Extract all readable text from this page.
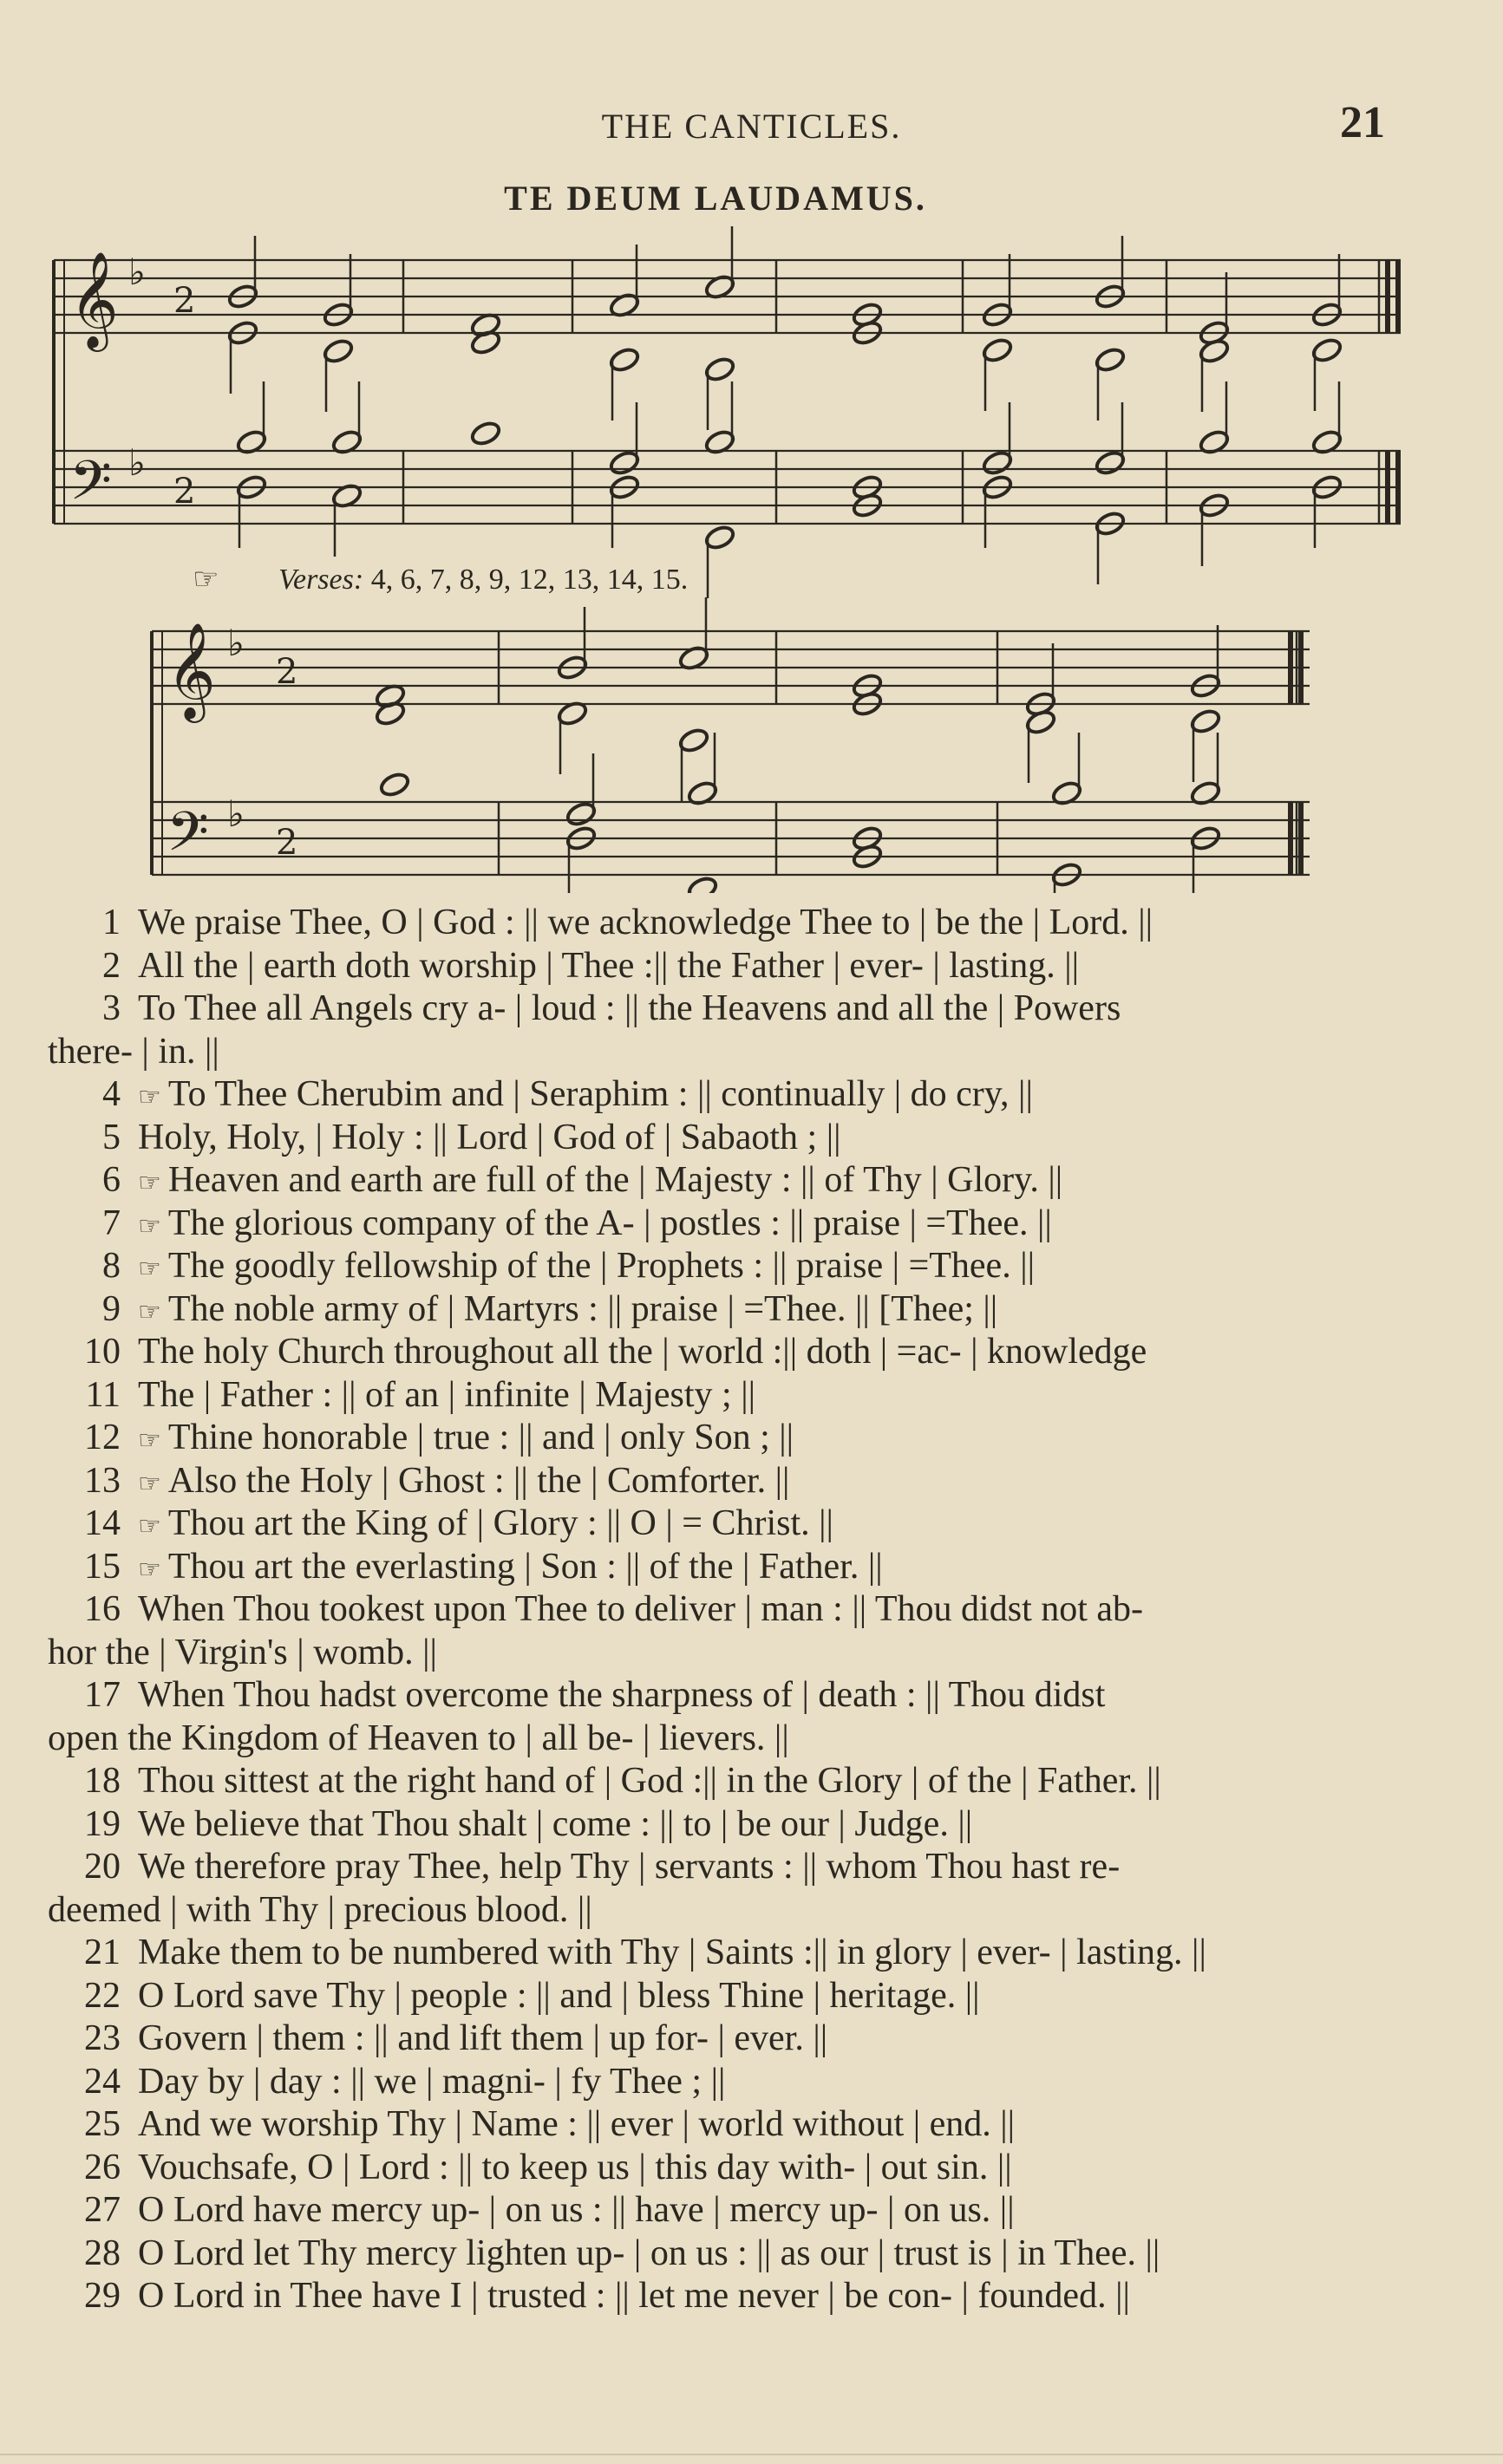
THE CANTICLES.	21
TE DEUM LAUDAMUS.
𝄞
𝄢
♭
♭
2
2
𝄞
𝄢
♭
♭
2
2
☞ Verses: 4, 6, 7, 8, 9, 12, 13, 14, 15.
1 We praise Thee, O | God : || we acknowledge Thee to | be the | Lord. ||
2 All the | earth doth worship | Thee :|| the Father | ever- | lasting. ||
3 To Thee all Angels cry a- | loud : || the Heavens and all the | Powers
there- | in. ||
4 ☞ To Thee Cherubim and | Seraphim : || continually | do cry, ||
5 Holy, Holy, | Holy : || Lord | God of | Sabaoth ; ||
6 ☞ Heaven and earth are full of the | Majesty : || of Thy | Glory. ||
7 ☞ The glorious company of the A- | postles : || praise | =Thee. ||
8 ☞ The goodly fellowship of the | Prophets : || praise | =Thee. ||
9 ☞ The noble army of | Martyrs : || praise | =Thee. || [Thee; ||
10 The holy Church throughout all the | world :|| doth | =ac- | knowledge
11 The | Father : || of an | infinite | Majesty ; ||
12 ☞ Thine honorable | true : || and | only Son ; ||
13 ☞ Also the Holy | Ghost : || the | Comforter. ||
14 ☞ Thou art the King of | Glory : || O | = Christ. ||
15 ☞ Thou art the everlasting | Son : || of the | Father. ||
16 When Thou tookest upon Thee to deliver | man : || Thou didst not ab-
hor the | Virgin's | womb. ||
17 When Thou hadst overcome the sharpness of | death : || Thou didst
open the Kingdom of Heaven to | all be- | lievers. ||
18 Thou sittest at the right hand of | God :|| in the Glory | of the | Father. ||
19 We believe that Thou shalt | come : || to | be our | Judge. ||
20 We therefore pray Thee, help Thy | servants : || whom Thou hast re-
deemed | with Thy | precious blood. ||
21 Make them to be numbered with Thy | Saints :|| in glory | ever- | lasting. ||
22 O Lord save Thy | people : || and | bless Thine | heritage. ||
23 Govern | them : || and lift them | up for- | ever. ||
24 Day by | day : || we | magni- | fy Thee ; ||
25 And we worship Thy | Name : || ever | world without | end. ||
26 Vouchsafe, O | Lord : || to keep us | this day with- | out sin. ||
27 O Lord have mercy up- | on us : || have | mercy up- | on us. ||
28 O Lord let Thy mercy lighten up- | on us : || as our | trust is | in Thee. ||
29 O Lord in Thee have I | trusted : || let me never | be con- | founded. ||
